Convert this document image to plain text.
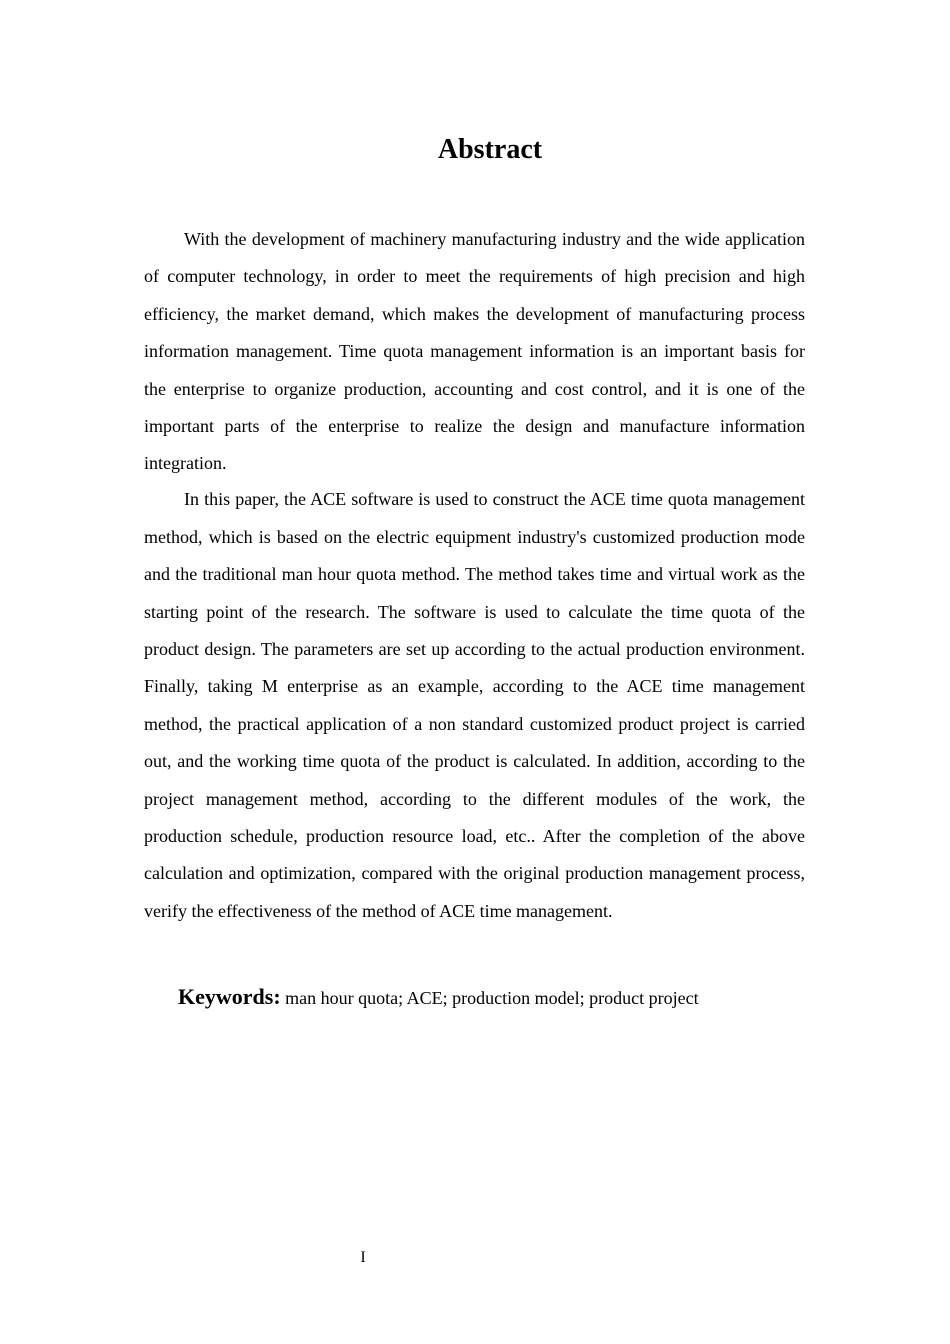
Abstract

With the development of machinery manufacturing industry and the wide application of computer technology, in order to meet the requirements of high precision and high efficiency, the market demand, which makes the development of manufacturing process information management. Time quota management information is an important basis for the enterprise to organize production, accounting and cost control, and it is one of the important parts of the enterprise to realize the design and manufacture information integration.

In this paper, the ACE software is used to construct the ACE time quota management method, which is based on the electric equipment industry's customized production mode and the traditional man hour quota method. The method takes time and virtual work as the starting point of the research. The software is used to calculate the time quota of the product design. The parameters are set up according to the actual production environment. Finally, taking M enterprise as an example, according to the ACE time management method, the practical application of a non standard customized product project is carried out, and the working time quota of the product is calculated. In addition, according to the project management method, according to the different modules of the work, the production schedule, production resource load, etc.. After the completion of the above calculation and optimization, compared with the original production management process, verify the effectiveness of the method of ACE time management.

Keywords: man hour quota; ACE; production model; product project
I
